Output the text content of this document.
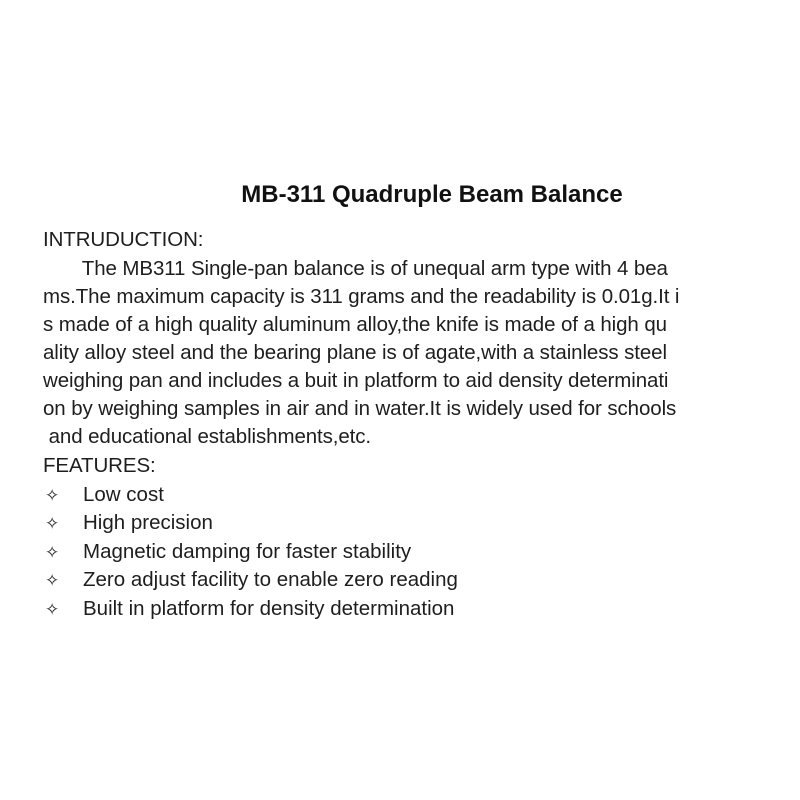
MB-311 Quadruple Beam Balance
INTRUDUCTION:
The MB311 Single-pan balance is of unequal arm type with 4 bea
ms.The maximum capacity is 311 grams and the readability is 0.01g.It i
s made of a high quality aluminum alloy,the knife is made of a high qu
ality alloy steel and the bearing plane is of agate,with a stainless steel
weighing pan and includes a buit in platform to aid density determinati
on by weighing samples in air and in water.It is widely used for schools
and educational establishments,etc.
FEATURES:
✧ Low cost
✧ High precision
✧ Magnetic damping for faster stability
✧ Zero adjust facility to enable zero reading
✧ Built in platform for density determination
